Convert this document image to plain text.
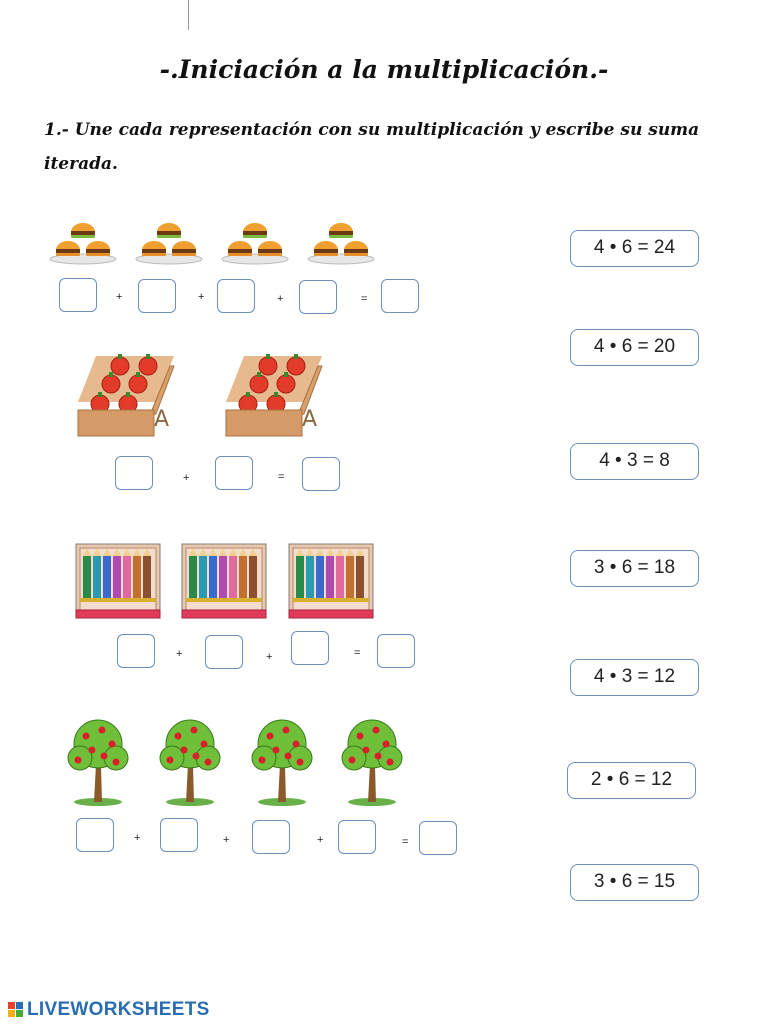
-.Iniciación a la multiplicación.-
1.- Une cada representación con su multiplicación y escribe su suma iterada.
+	+	+	=
A	A
+	=
+	+	=
+	+	+	=
4 • 6 = 24
4 • 6 = 20
4 • 3 = 8
3 • 6 = 18
4 • 3 = 12
2 • 6 = 12
3 • 6 = 15
LIVEWORKSHEETS
